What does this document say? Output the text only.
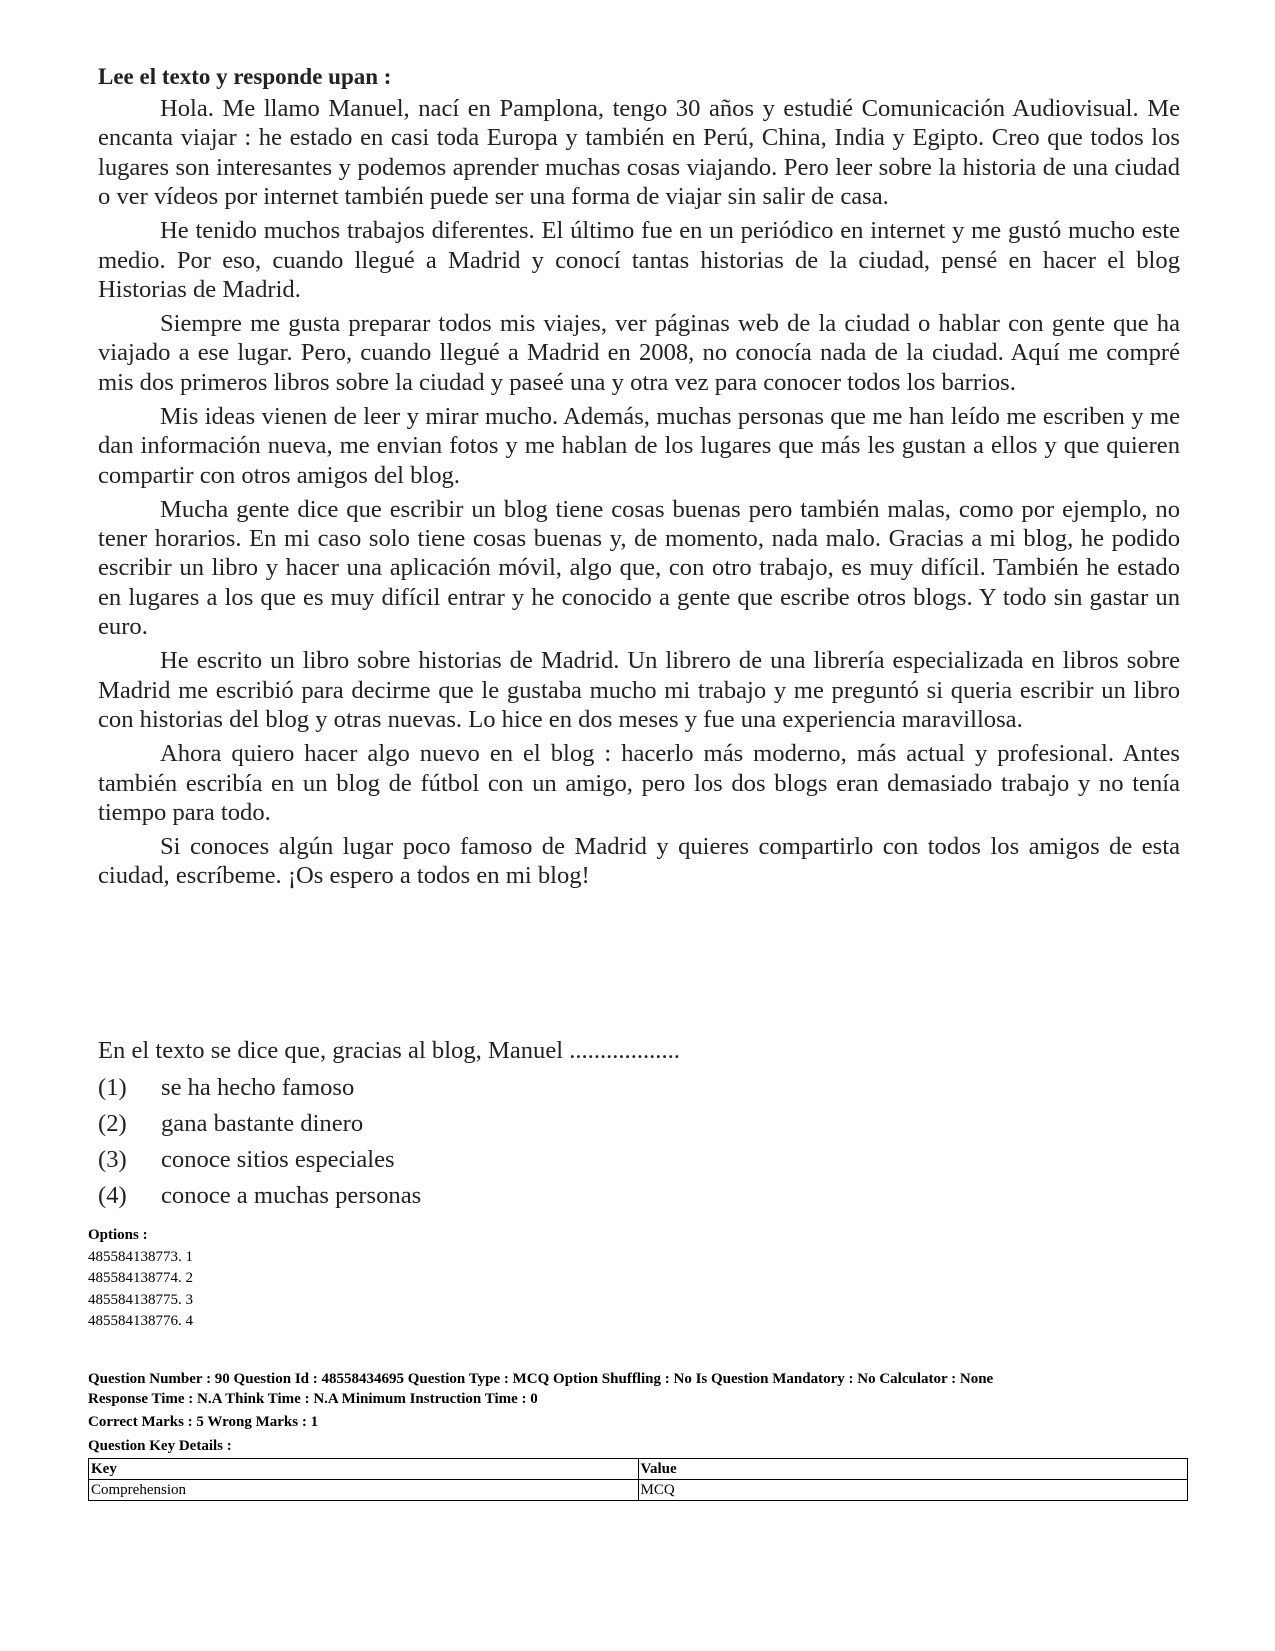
Lee el texto y responde upan :

Hola. Me llamo Manuel, nací en Pamplona, tengo 30 años y estudié Comunicación Audiovisual. Me encanta viajar : he estado en casi toda Europa y también en Perú, China, India y Egipto. Creo que todos los lugares son interesantes y podemos aprender muchas cosas viajando. Pero leer sobre la historia de una ciudad o ver vídeos por internet también puede ser una forma de viajar sin salir de casa.

He tenido muchos trabajos diferentes. El último fue en un periódico en internet y me gustó mucho este medio. Por eso, cuando llegué a Madrid y conocí tantas historias de la ciudad, pensé en hacer el blog Historias de Madrid.

Siempre me gusta preparar todos mis viajes, ver páginas web de la ciudad o hablar con gente que ha viajado a ese lugar. Pero, cuando llegué a Madrid en 2008, no conocía nada de la ciudad. Aquí me compré mis dos primeros libros sobre la ciudad y paseé una y otra vez para conocer todos los barrios.

Mis ideas vienen de leer y mirar mucho. Además, muchas personas que me han leído me escriben y me dan información nueva, me envian fotos y me hablan de los lugares que más les gustan a ellos y que quieren compartir con otros amigos del blog.

Mucha gente dice que escribir un blog tiene cosas buenas pero también malas, como por ejemplo, no tener horarios. En mi caso solo tiene cosas buenas y, de momento, nada malo. Gracias a mi blog, he podido escribir un libro y hacer una aplicación móvil, algo que, con otro trabajo, es muy difícil. También he estado en lugares a los que es muy difícil entrar y he conocido a gente que escribe otros blogs. Y todo sin gastar un euro.

He escrito un libro sobre historias de Madrid. Un librero de una librería especializada en libros sobre Madrid me escribió para decirme que le gustaba mucho mi trabajo y me preguntó si queria escribir un libro con historias del blog y otras nuevas. Lo hice en dos meses y fue una experiencia maravillosa.

Ahora quiero hacer algo nuevo en el blog : hacerlo más moderno, más actual y profesional. Antes también escribía en un blog de fútbol con un amigo, pero los dos blogs eran demasiado trabajo y no tenía tiempo para todo.

Si conoces algún lugar poco famoso de Madrid y quieres compartirlo con todos los amigos de esta ciudad, escríbeme. ¡Os espero a todos en mi blog!

En el texto se dice que, gracias al blog, Manuel ..................
(1)	se ha hecho famoso
(2)	gana bastante dinero
(3)	conoce sitios especiales
(4)	conoce a muchas personas
Options :
485584138773. 1
485584138774. 2
485584138775. 3
485584138776. 4
Question Number : 90 Question Id : 48558434695 Question Type : MCQ Option Shuffling : No Is Question Mandatory : No Calculator : None
Response Time : N.A Think Time : N.A Minimum Instruction Time : 0
Correct Marks : 5 Wrong Marks : 1
Question Key Details :
Key	Value
Comprehension	MCQ
